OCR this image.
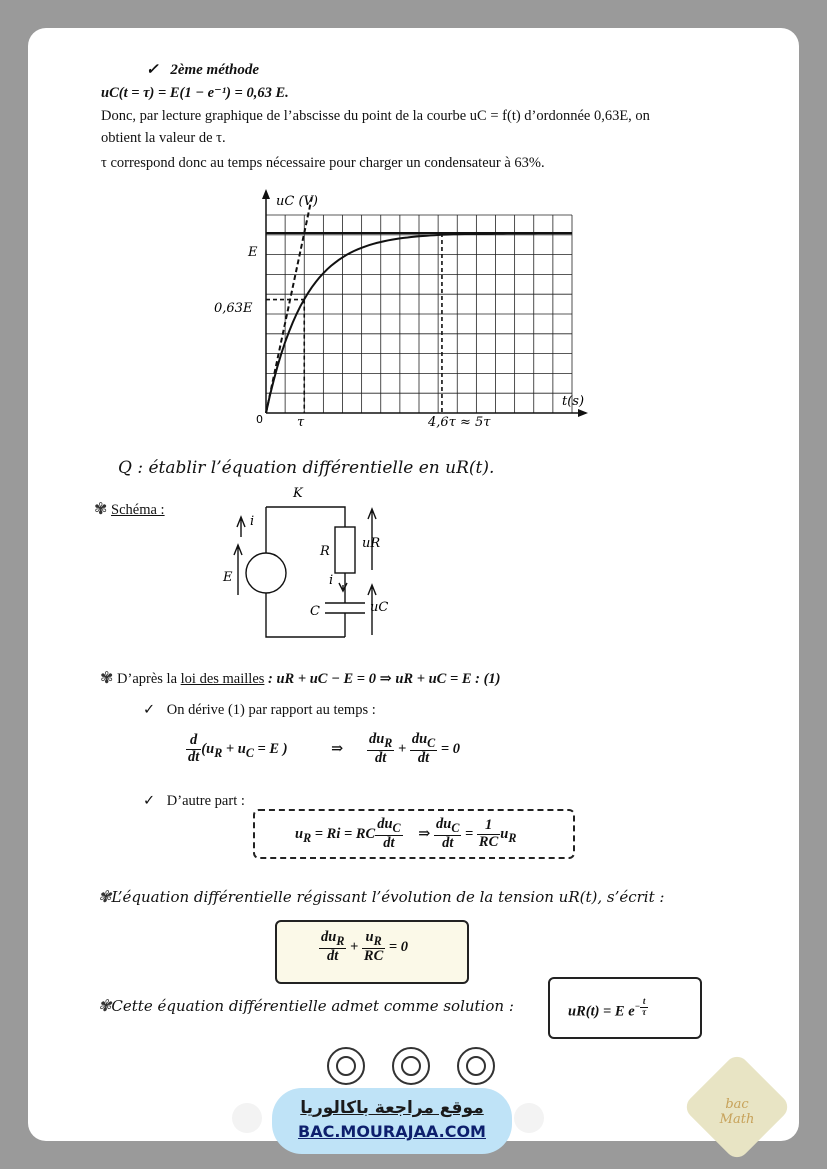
✓ 2ème méthode
uC(t = τ) = E(1 − e⁻¹) = 0,63 E.
Donc, par lecture graphique de l’abscisse du point de la courbe uC = f(t) d’ordonnée 0,63E, on
obtient la valeur de τ.
τ correspond donc au temps nécessaire pour charger un condensateur à 63%.
uC (V)
t(s)
E
0,63E
0	τ	4,6τ ≈ 5τ
Q : établir l’équation différentielle en uR(t).
✾ Schéma :
K
i
i
R
uR
E
C	uC
✾ D’après la loi des mailles : uR + uC − E = 0 ⇒ uR + uC = E : (1)
✓ On dérive (1) par rapport au temps :
$\frac{d}{dt} (u_R + u_C = E$ )	⇒ $\frac{du_R}{dt} + \frac{du_C}{dt} = 0$
✓ D’autre part :
$u_R = Ri$ = RC $\frac{du_C}{dt}$ ⇒ $\frac{du_C}{dt} = \frac{1}{RC} u_R$
✾L’équation différentielle régissant l’évolution de la tension uR(t), s’écrit :
$\frac{du_R}{dt} + \frac{u_R}{RC} = 0$
✾Cette équation différentielle admet comme solution :	uR(t) = E $e^{- \frac{t}{\tau}}$
موقع مراجعة باكالوريا
BAC.MOURAJAA.COM
bac Math
